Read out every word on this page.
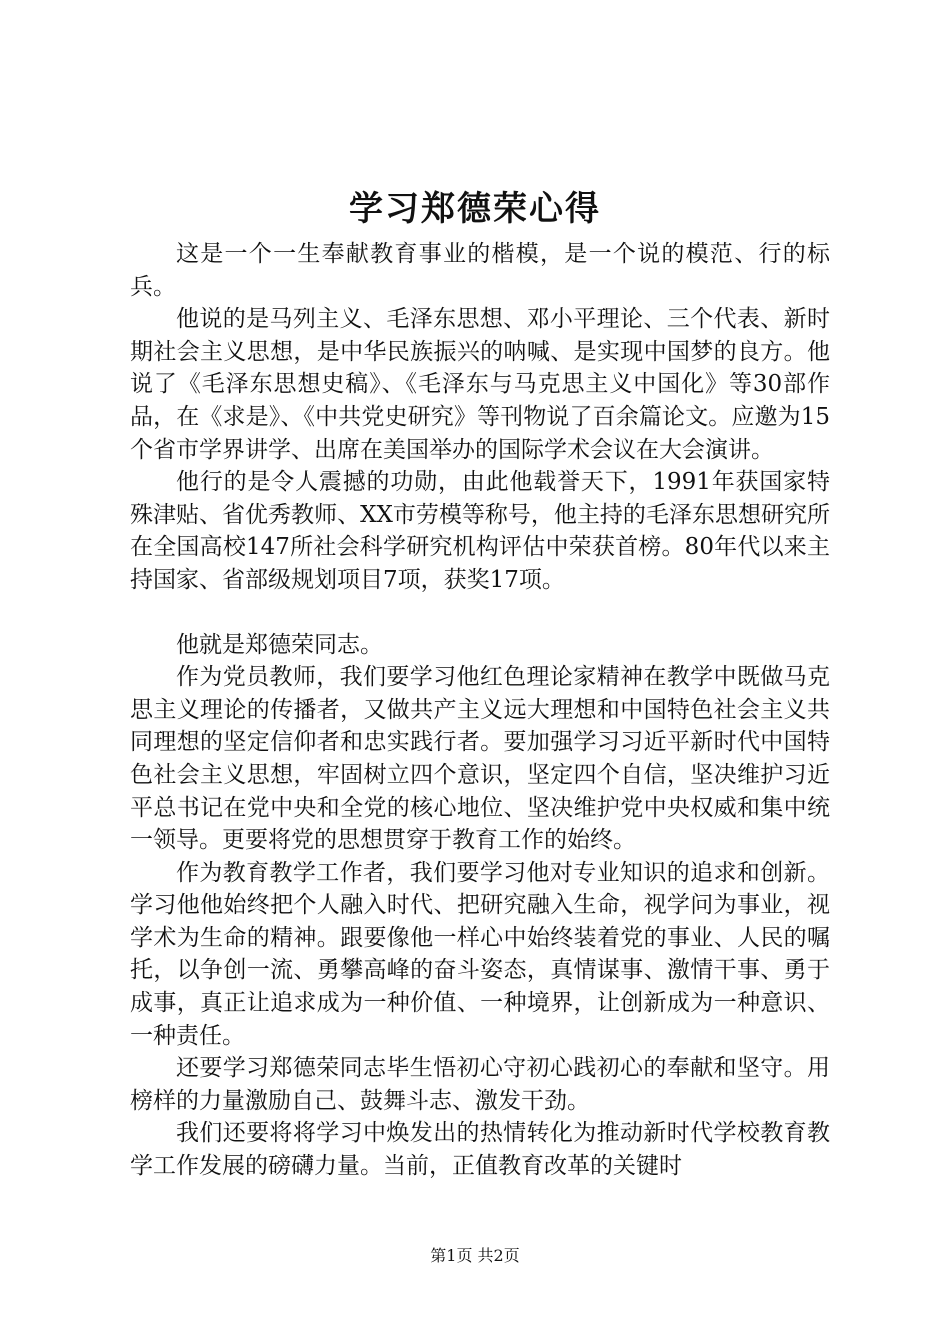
学习郑德荣心得

这是一个一生奉献教育事业的楷模，是一个说的模范、行的标兵。

他说的是马列主义、毛泽东思想、邓小平理论、三个代表、新时期社会主义思想，是中华民族振兴的呐喊、是实现中国梦的良方。他说了《毛泽东思想史稿》、《毛泽东与马克思主义中国化》等30部作品，在《求是》、《中共党史研究》等刊物说了百余篇论文。应邀为15个省市学界讲学、出席在美国举办的国际学术会议在大会演讲。

他行的是令人震撼的功勋，由此他载誉天下，1991年获国家特殊津贴、省优秀教师、XX市劳模等称号，他主持的毛泽东思想研究所在全国高校147所社会科学研究机构评估中荣获首榜。80年代以来主持国家、省部级规划项目7项，获奖17项。

他就是郑德荣同志。

作为党员教师，我们要学习他红色理论家精神在教学中既做马克思主义理论的传播者，又做共产主义远大理想和中国特色社会主义共同理想的坚定信仰者和忠实践行者。要加强学习习近平新时代中国特色社会主义思想，牢固树立四个意识，坚定四个自信，坚决维护习近平总书记在党中央和全党的核心地位、坚决维护党中央权威和集中统一领导。更要将党的思想贯穿于教育工作的始终。

作为教育教学工作者，我们要学习他对专业知识的追求和创新。学习他他始终把个人融入时代、把研究融入生命，视学问为事业，视学术为生命的精神。跟要像他一样心中始终装着党的事业、人民的嘱托，以争创一流、勇攀高峰的奋斗姿态，真情谋事、激情干事、勇于成事，真正让追求成为一种价值、一种境界，让创新成为一种意识、一种责任。

还要学习郑德荣同志毕生悟初心守初心践初心的奉献和坚守。用榜样的力量激励自己、鼓舞斗志、激发干劲。

我们还要将将学习中焕发出的热情转化为推动新时代学校教育教学工作发展的磅礴力量。当前，正值教育改革的关键时

第1页 共2页
